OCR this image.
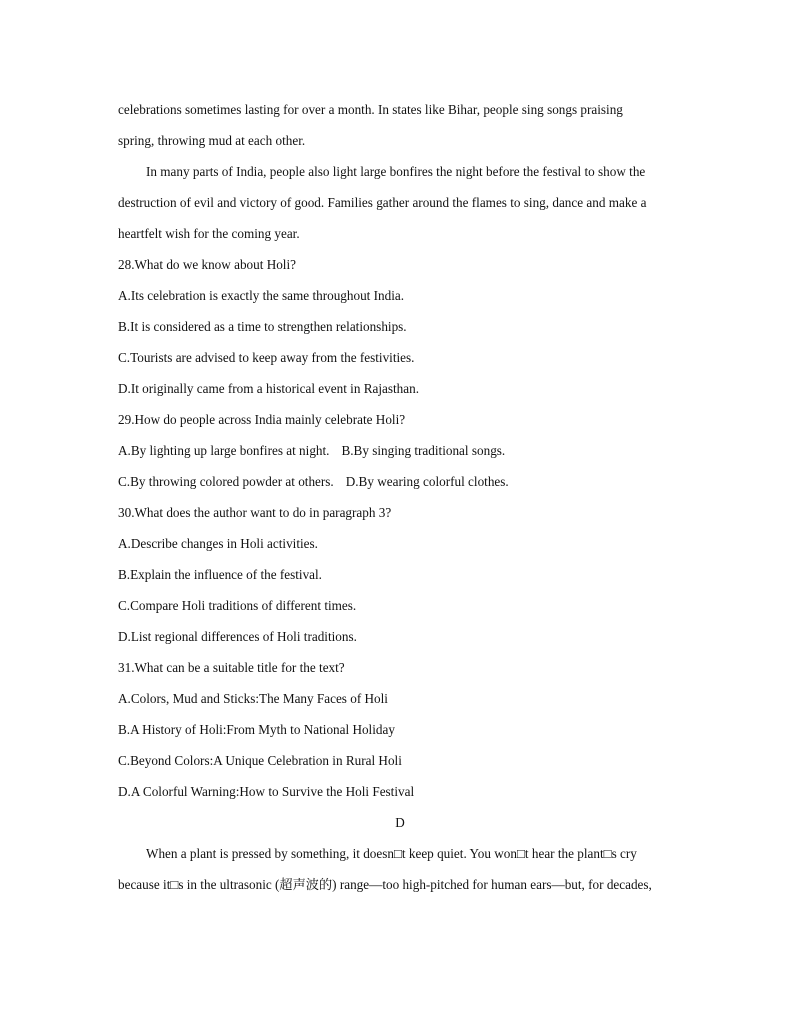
celebrations sometimes lasting for over a month. In states like Bihar, people sing songs praising
spring, throwing mud at each other.
In many parts of India, people also light large bonfires the night before the festival to show the
destruction of evil and victory of good. Families gather around the flames to sing, dance and make a
heartfelt wish for the coming year.
28.What do we know about Holi?
A.Its celebration is exactly the same throughout India.
B.It is considered as a time to strengthen relationships.
C.Tourists are advised to keep away from the festivities.
D.It originally came from a historical event in Rajasthan.
29.How do people across India mainly celebrate Holi?
A.By lighting up large bonfires at night. B.By singing traditional songs.
C.By throwing colored powder at others. D.By wearing colorful clothes.
30.What does the author want to do in paragraph 3?
A.Describe changes in Holi activities.
B.Explain the influence of the festival.
C.Compare Holi traditions of different times.
D.List regional differences of Holi traditions.
31.What can be a suitable title for the text?
A.Colors, Mud and Sticks:The Many Faces of Holi
B.A History of Holi:From Myth to National Holiday
C.Beyond Colors:A Unique Celebration in Rural Holi
D.A Colorful Warning:How to Survive the Holi Festival
D
When a plant is pressed by something, it doesn□t keep quiet. You won□t hear the plant□s cry
because it□s in the ultrasonic (超声波的) range—too high-pitched for human ears—but, for decades,
